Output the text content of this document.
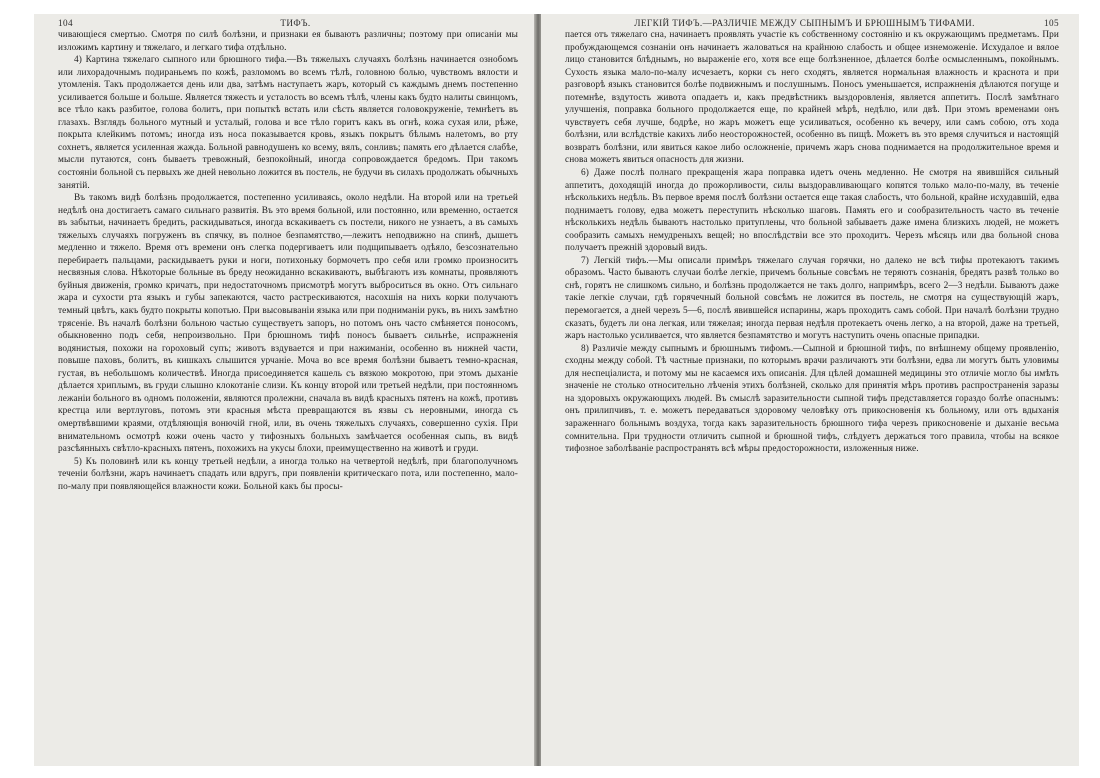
104	ТИФЪ.

чивающiеся смертью. Смотря по силѣ болѣзни, и признаки ея бываютъ различны; поэтому при описанiи мы изложимъ картину и тяжелаго, и легкаго тифа отдѣльно.

4) Картина тяжелаго сыпного или брюшного тифа.—Въ тяжелыхъ случаяхъ болѣзнь начинается ознобомъ или лихорадочнымъ подираньемъ по кожѣ, разломомъ во всемъ тѣлѣ, головною болью, чувствомъ вялости и утомленiя. Такъ продолжается день или два, затѣмъ наступаетъ жаръ, который съ каждымъ днемъ постепенно усиливается больше и больше. Является тяжесть и усталость во всемъ тѣлѣ, члены какъ будто налиты свинцомъ, все тѣло какъ разбитое, голова болитъ, при попыткѣ встать или сѣсть является головокруженiе, темнѣетъ въ глазахъ. Взглядъ больного мутный и усталый, голова и все тѣло горитъ какъ въ огнѣ, кожа сухая или, рѣже, покрыта клейкимъ потомъ; иногда изъ носа показывается кровь, языкъ покрытъ бѣлымъ налетомъ, во рту сохнетъ, является усиленная жажда. Больной равнодушенъ ко всему, вялъ, сонливъ; память его дѣлается слабѣе, мысли путаются, сонъ бываетъ тревожный, безпокойный, иногда сопровождается бредомъ. При такомъ состоянiи больной съ первыхъ же дней невольно ложится въ постель, не будучи въ силахъ продолжать обычныхъ занятiй.

Въ такомъ видѣ болѣзнь продолжается, постепенно усиливаясь, около недѣли. На второй или на третьей недѣлѣ она достигаетъ самаго сильнаго развитiя. Въ это время больной, или постоянно, или временно, остается въ забытьи, начинаетъ бредить, раскидываться, иногда вскакиваетъ съ постели, никого не узнаетъ, а въ самыхъ тяжелыхъ случаяхъ погруженъ въ спячку, въ полное безпамятство,—лежитъ неподвижно на спинѣ, дышетъ медленно и тяжело. Время отъ времени онъ слегка подергиваетъ или подщипываетъ одѣяло, безсознательно перебираетъ пальцами, раскидываетъ руки и ноги, потихоньку бормочетъ про себя или громко произноситъ несвязныя слова. Нѣкоторые больные въ бреду неожиданно вскакиваютъ, выбѣгаютъ изъ комнаты, проявляютъ буйныя движенiя, громко кричатъ, при недостаточномъ присмотрѣ могутъ выброситься въ окно. Отъ сильнаго жара и сухости рта языкъ и губы запекаются, часто растрескиваются, насохшiя на нихъ корки получаютъ темный цвѣтъ, какъ будто покрыты копотью. При высовыванiи языка или при подниманiи рукъ, въ нихъ замѣтно трясенiе. Въ началѣ болѣзни больною частью существуетъ запоръ, но потомъ онъ часто смѣняется поносомъ, обыкновенно подъ себя, непроизвольно. При брюшномъ тифѣ поносъ бываетъ сильнѣе, испражненiя водянистыя, похожи на гороховый супъ; животъ вздувается и при нажиманiи, особенно въ нижней части, повыше паховъ, болитъ, въ кишкахъ слышится урчанiе. Моча во все время болѣзни бываетъ темно-красная, густая, въ небольшомъ количествѣ. Иногда присоединяется кашель съ вязкою мокротою, при этомъ дыханiе дѣлается хриплымъ, въ груди слышно клокотанiе слизи. Къ концу второй или третьей недѣли, при постоянномъ лежанiи больного въ одномъ положенiи, являются пролежни, сначала въ видѣ красныхъ пятенъ на кожѣ, противъ крестца или вертлуговъ, потомъ эти красныя мѣста превращаются въ язвы съ неровными, иногда съ омертвѣвшими краями, отдѣляющiя вонючiй гной, или, въ очень тяжелыхъ случаяхъ, совершенно сухiя. При внимательномъ осмотрѣ кожи очень часто у тифозныхъ больныхъ замѣчается особенная сыпь, въ видѣ разсѣянныхъ свѣтло-красныхъ пятенъ, похожихъ на укусы блохи, преимущественно на животѣ и груди.

5) Къ половинѣ или къ концу третьей недѣли, а иногда только на четвертой недѣлѣ, при благополучномъ теченiи болѣзни, жаръ начинаетъ спадать или вдругъ, при появленiи критическаго пота, или постепенно, мало-по-малу при появляющейся влажности кожи. Больной какъ бы просы-

ЛЕГКIЙ ТИФЪ.—РАЗЛИЧIЕ МЕЖДУ СЫПНЫМЪ И БРЮШНЫМЪ ТИФАМИ.	105

пается отъ тяжелаго сна, начинаетъ проявлять участiе къ собственному состоянiю и къ окружающимъ предметамъ. При пробуждающемся сознанiи онъ начинаетъ жаловаться на крайнюю слабость и общее изнеможенiе. Исхудалое и вялое лицо становится блѣднымъ, но выраженiе его, хотя все еще болѣзненное, дѣлается болѣе осмысленнымъ, покойнымъ. Сухость языка мало-по-малу исчезаетъ, корки съ него сходятъ, является нормальная влажность и краснота и при разговорѣ языкъ становится болѣе подвижнымъ и послушнымъ. Поносъ уменьшается, испражненiя дѣлаются погуще и потемнѣе, вздутость живота опадаетъ и, какъ предвѣстникъ выздоровленiя, является аппетитъ. Послѣ замѣтнаго улучшенiя, поправка больного продолжается еще, по крайней мѣрѣ, недѣлю, или двѣ. При этомъ временами онъ чувствуетъ себя лучше, бодрѣе, но жаръ можетъ еще усиливаться, особенно къ вечеру, или самъ собою, отъ хода болѣзни, или вслѣдствiе какихъ либо неосторожностей, особенно въ пищѣ. Можетъ въ это время случиться и настоящiй возвратъ болѣзни, или явиться какое либо осложненiе, причемъ жаръ снова поднимается на продолжительное время и снова можетъ явиться опасность для жизни.

6) Даже послѣ полнаго прекращенiя жара поправка идетъ очень медленно. Не смотря на явившiйся сильный аппетитъ, доходящiй иногда до прожорливости, силы выздоравливающаго копятся только мало-по-малу, въ теченiе нѣсколькихъ недѣль. Въ первое время послѣ болѣзни остается еще такая слабость, что больной, крайне исхудавшiй, едва поднимаетъ голову, едва можетъ переступить нѣсколько шаговъ. Память его и сообразительность часто въ теченiе нѣсколькихъ недѣль бываютъ настолько притуплены, что больной забываетъ даже имена близкихъ людей, не можетъ сообразить самыхъ немудреныхъ вещей; но впослѣдствiи все это проходитъ. Черезъ мѣсяцъ или два больной снова получаетъ прежнiй здоровый видъ.

7) Легкiй тифъ.—Мы описали примѣръ тяжелаго случая горячки, но далеко не всѣ тифы протекаютъ такимъ образомъ. Часто бываютъ случаи болѣе легкiе, причемъ больные совсѣмъ не теряютъ сознанiя, бредятъ развѣ только во снѣ, горятъ не слишкомъ сильно, и болѣзнь продолжается не такъ долго, напримѣръ, всего 2—3 недѣли. Бываютъ даже такiе легкiе случаи, гдѣ горячечный больной совсѣмъ не ложится въ постель, не смотря на существующiй жаръ, перемогается, а дней черезъ 5—6, послѣ явившейся испарины, жаръ проходитъ самъ собой. При началѣ болѣзни трудно сказать, будетъ ли она легкая, или тяжелая; иногда первая недѣля протекаетъ очень легко, а на второй, даже на третьей, жаръ настолько усиливается, что является безпамятство и могутъ наступить очень опасные припадки.

8) Различiе между сыпнымъ и брюшнымъ тифомъ.—Сыпной и брюшной тифъ, по внѣшнему общему проявленiю, сходны между собой. Тѣ частные признаки, по которымъ врачи различаютъ эти болѣзни, едва ли могутъ быть уловимы для неспецiалиста, и потому мы не касаемся ихъ описанiя. Для цѣлей домашней медицины это отличiе могло бы имѣть значенiе не столько относительно лѣченiя этихъ болѣзней, сколько для принятiя мѣръ противъ распространенiя заразы на здоровыхъ окружающихъ людей. Въ смыслѣ заразительности сыпной тифъ представляется гораздо болѣе опаснымъ: онъ прилипчивъ, т. е. можетъ передаваться здоровому человѣку отъ прикосновенiя къ больному, или отъ вдыханiя зараженнаго больнымъ воздуха, тогда какъ заразительность брюшного тифа черезъ прикосновенiе и дыханiе весьма сомнительна. При трудности отличить сыпной и брюшной тифъ, слѣдуетъ держаться того правила, чтобы на всякое тифозное заболѣванiе распространять всѣ мѣры предосторожности, изложенныя ниже.
